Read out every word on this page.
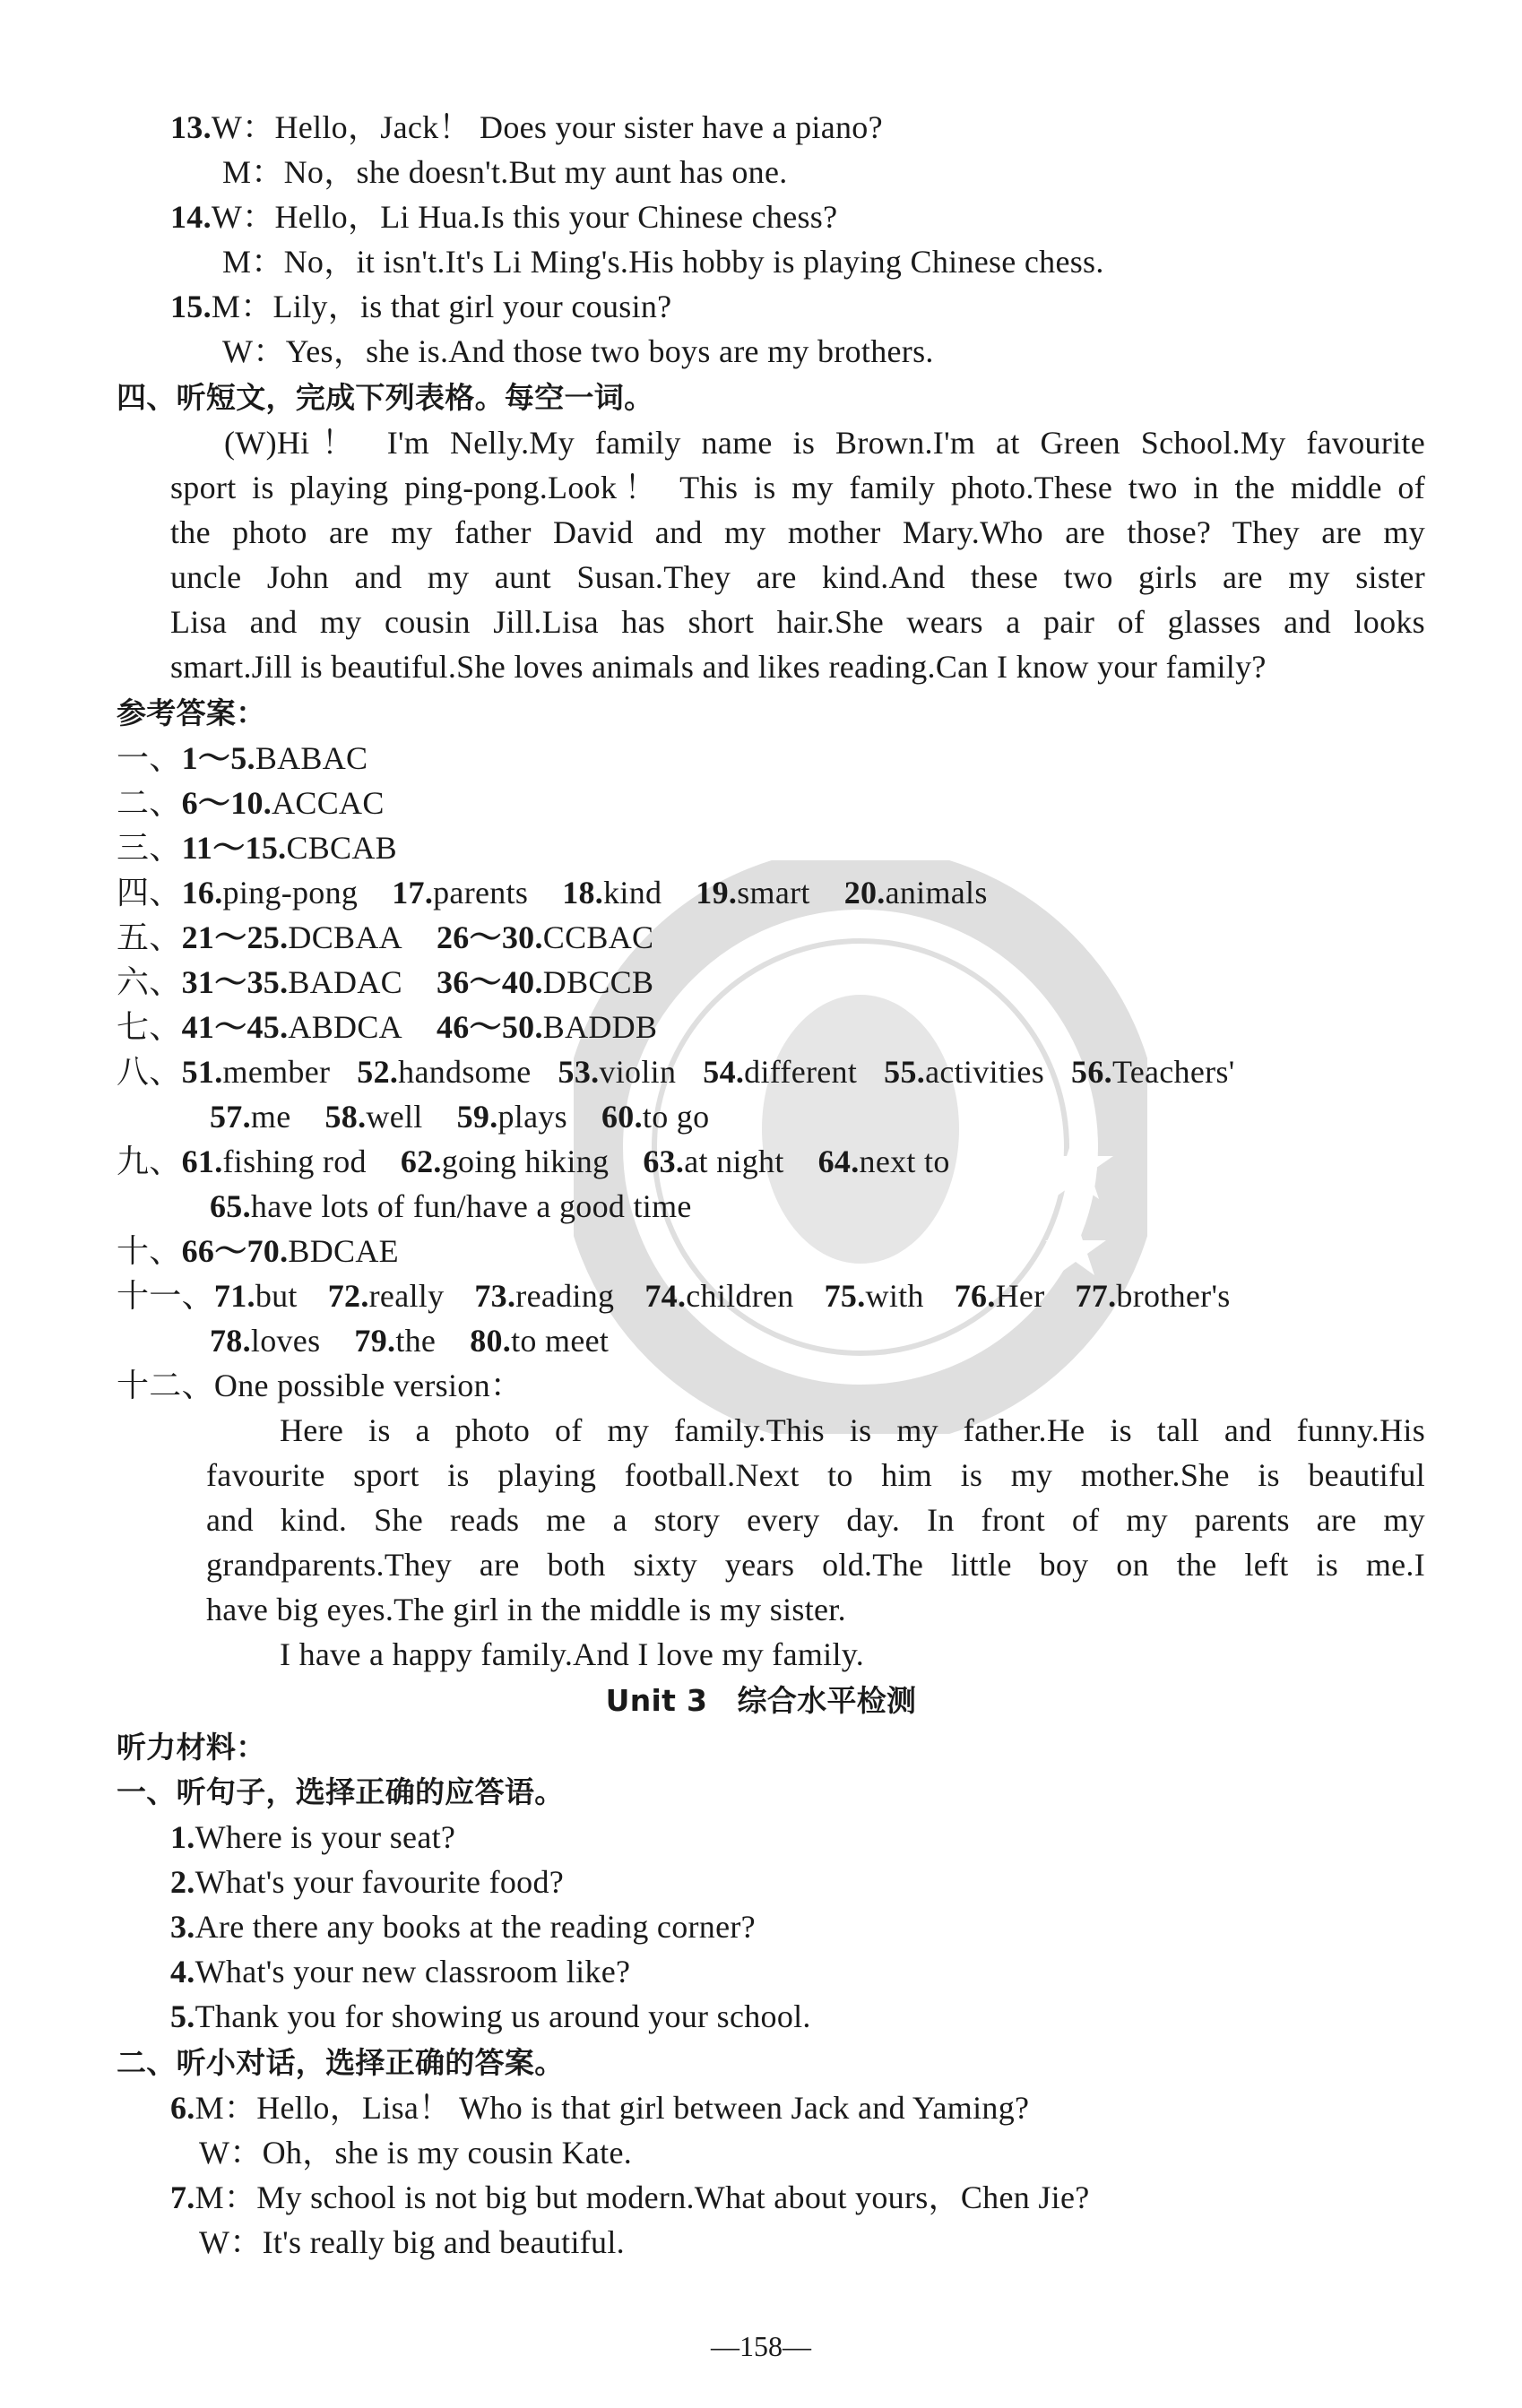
13.W：Hello，Jack！ Does your sister have a piano?
M：No，she doesn't.But my aunt has one.
14.W：Hello，Li Hua.Is this your Chinese chess?
M：No，it isn't.It's Li Ming's.His hobby is playing Chinese chess.
15.M：Lily，is that girl your cousin?
W：Yes，she is.And those two boys are my brothers.
四、听短文，完成下列表格。每空一词。
(W)Hi！ I'm Nelly.My family name is Brown.I'm at Green School.My favourite
sport is playing ping-pong.Look！ This is my family photo.These two in the middle of
the photo are my father David and my mother Mary.Who are those? They are my
uncle John and my aunt Susan.They are kind.And these two girls are my sister
Lisa and my cousin Jill.Lisa has short hair.She wears a pair of glasses and looks
smart.Jill is beautiful.She loves animals and likes reading.Can I know your family?
参考答案：
一、1～5.BABAC
二、6～10.ACCAC
三、11～15.CBCAB
四、16.ping-pong 17.parents 18.kind 19.smart 20.animals
五、21～25.DCBAA 26～30.CCBAC
六、31～35.BADAC 36～40.DBCCB
七、41～45.ABDCA 46～50.BADDB
八、51.member 52.handsome 53.violin 54.different 55.activities 56.Teachers'
57.me 58.well 59.plays 60.to go
九、61.fishing rod 62.going hiking 63.at night 64.next to
65.have lots of fun/have a good time
十、66～70.BDCAE
十一、71.but 72.really 73.reading 74.children 75.with 76.Her 77.brother's
78.loves 79.the 80.to meet
十二、One possible version：
Here is a photo of my family.This is my father.He is tall and funny.His
favourite sport is playing football.Next to him is my mother.She is beautiful
and kind. She reads me a story every day. In front of my parents are my
grandparents.They are both sixty years old.The little boy on the left is me.I
have big eyes.The girl in the middle is my sister.
I have a happy family.And I love my family.
Unit 3　综合水平检测
听力材料：
一、听句子，选择正确的应答语。
1.Where is your seat?
2.What's your favourite food?
3.Are there any books at the reading corner?
4.What's your new classroom like?
5.Thank you for showing us around your school.
二、听小对话，选择正确的答案。
6.M：Hello，Lisa！ Who is that girl between Jack and Yaming?
W：Oh，she is my cousin Kate.
7.M：My school is not big but modern.What about yours，Chen Jie?
W：It's really big and beautiful.
—158—
